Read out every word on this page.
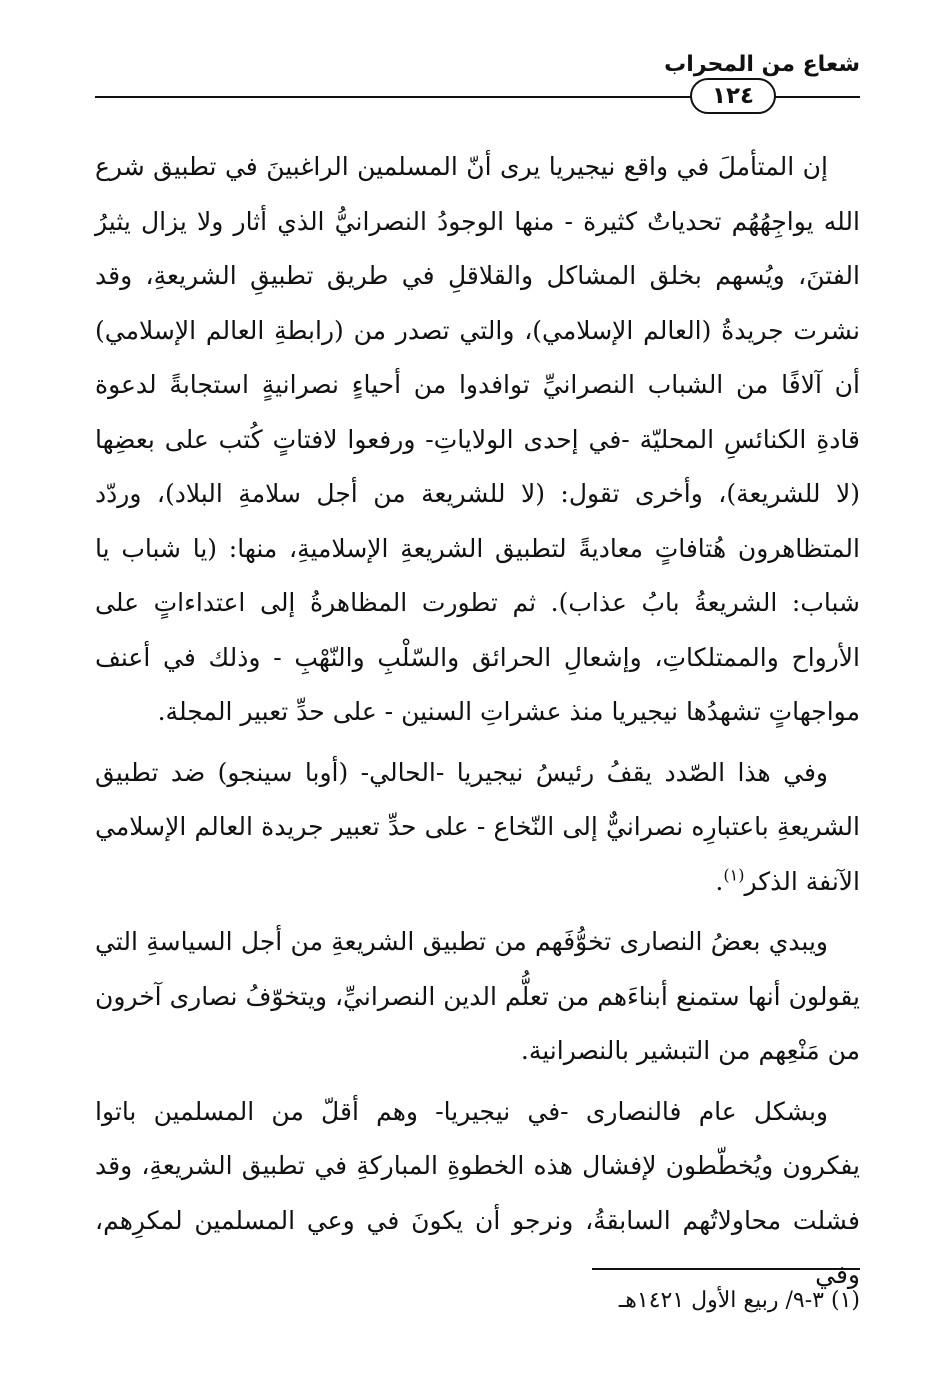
شعاع من المحراب
١٢٤

إن المتأملَ في واقع نيجيريا يرى أنّ المسلمين الراغبينَ في تطبيق شرع الله يواجِهُهُم تحدياتٌ كثيرة - منها الوجودُ النصرانيُّ الذي أثار ولا يزال يثيرُ الفتنَ، ويُسهم بخلق المشاكل والقلاقلِ في طريق تطبيقِ الشريعةِ، وقد نشرت جريدةُ (العالم الإسلامي)، والتي تصدر من (رابطةِ العالم الإسلامي) أن آلافًا من الشباب النصرانيِّ توافدوا من أحياءٍ نصرانيةٍ استجابةً لدعوة قادةِ الكنائسِ المحليّة -في إحدى الولاياتِ- ورفعوا لافتاتٍ كُتب على بعضِها (لا للشريعة)، وأخرى تقول: (لا للشريعة من أجل سلامةِ البلاد)، وردّد المتظاهرون هُتافاتٍ معاديةً لتطبيق الشريعةِ الإسلاميةِ، منها: (يا شباب يا شباب: الشريعةُ بابُ عذاب). ثم تطورت المظاهرةُ إلى اعتداءاتٍ على الأرواح والممتلكاتِ، وإشعالِ الحرائق والسّلْبِ والنّهْبِ - وذلك في أعنف مواجهاتٍ تشهدُها نيجيريا منذ عشراتِ السنين - على حدِّ تعبير المجلة.

وفي هذا الصّدد يقفُ رئيسُ نيجيريا -الحالي- (أوبا سينجو) ضد تطبيق الشريعةِ باعتبارِه نصرانيٌّ إلى النّخاع - على حدِّ تعبير جريدة العالم الإسلامي الآنفة الذكر$^{(١)}$.

ويبدي بعضُ النصارى تخوُّفَهم من تطبيق الشريعةِ من أجل السياسةِ التي يقولون أنها ستمنع أبناءَهم من تعلُّم الدين النصرانيِّ، ويتخوّفُ نصارى آخرون من مَنْعِهم من التبشير بالنصرانية.

وبشكل عام فالنصارى -في نيجيريا- وهم أقلّ من المسلمين باتوا يفكرون ويُخطّطون لإفشال هذه الخطوةِ المباركةِ في تطبيق الشريعةِ، وقد فشلت محاولاتُهم السابقةُ، ونرجو أن يكونَ في وعي المسلمين لمكرِهم، وفي

(١) ٣-٩/ ربيع الأول ١٤٢١هـ
